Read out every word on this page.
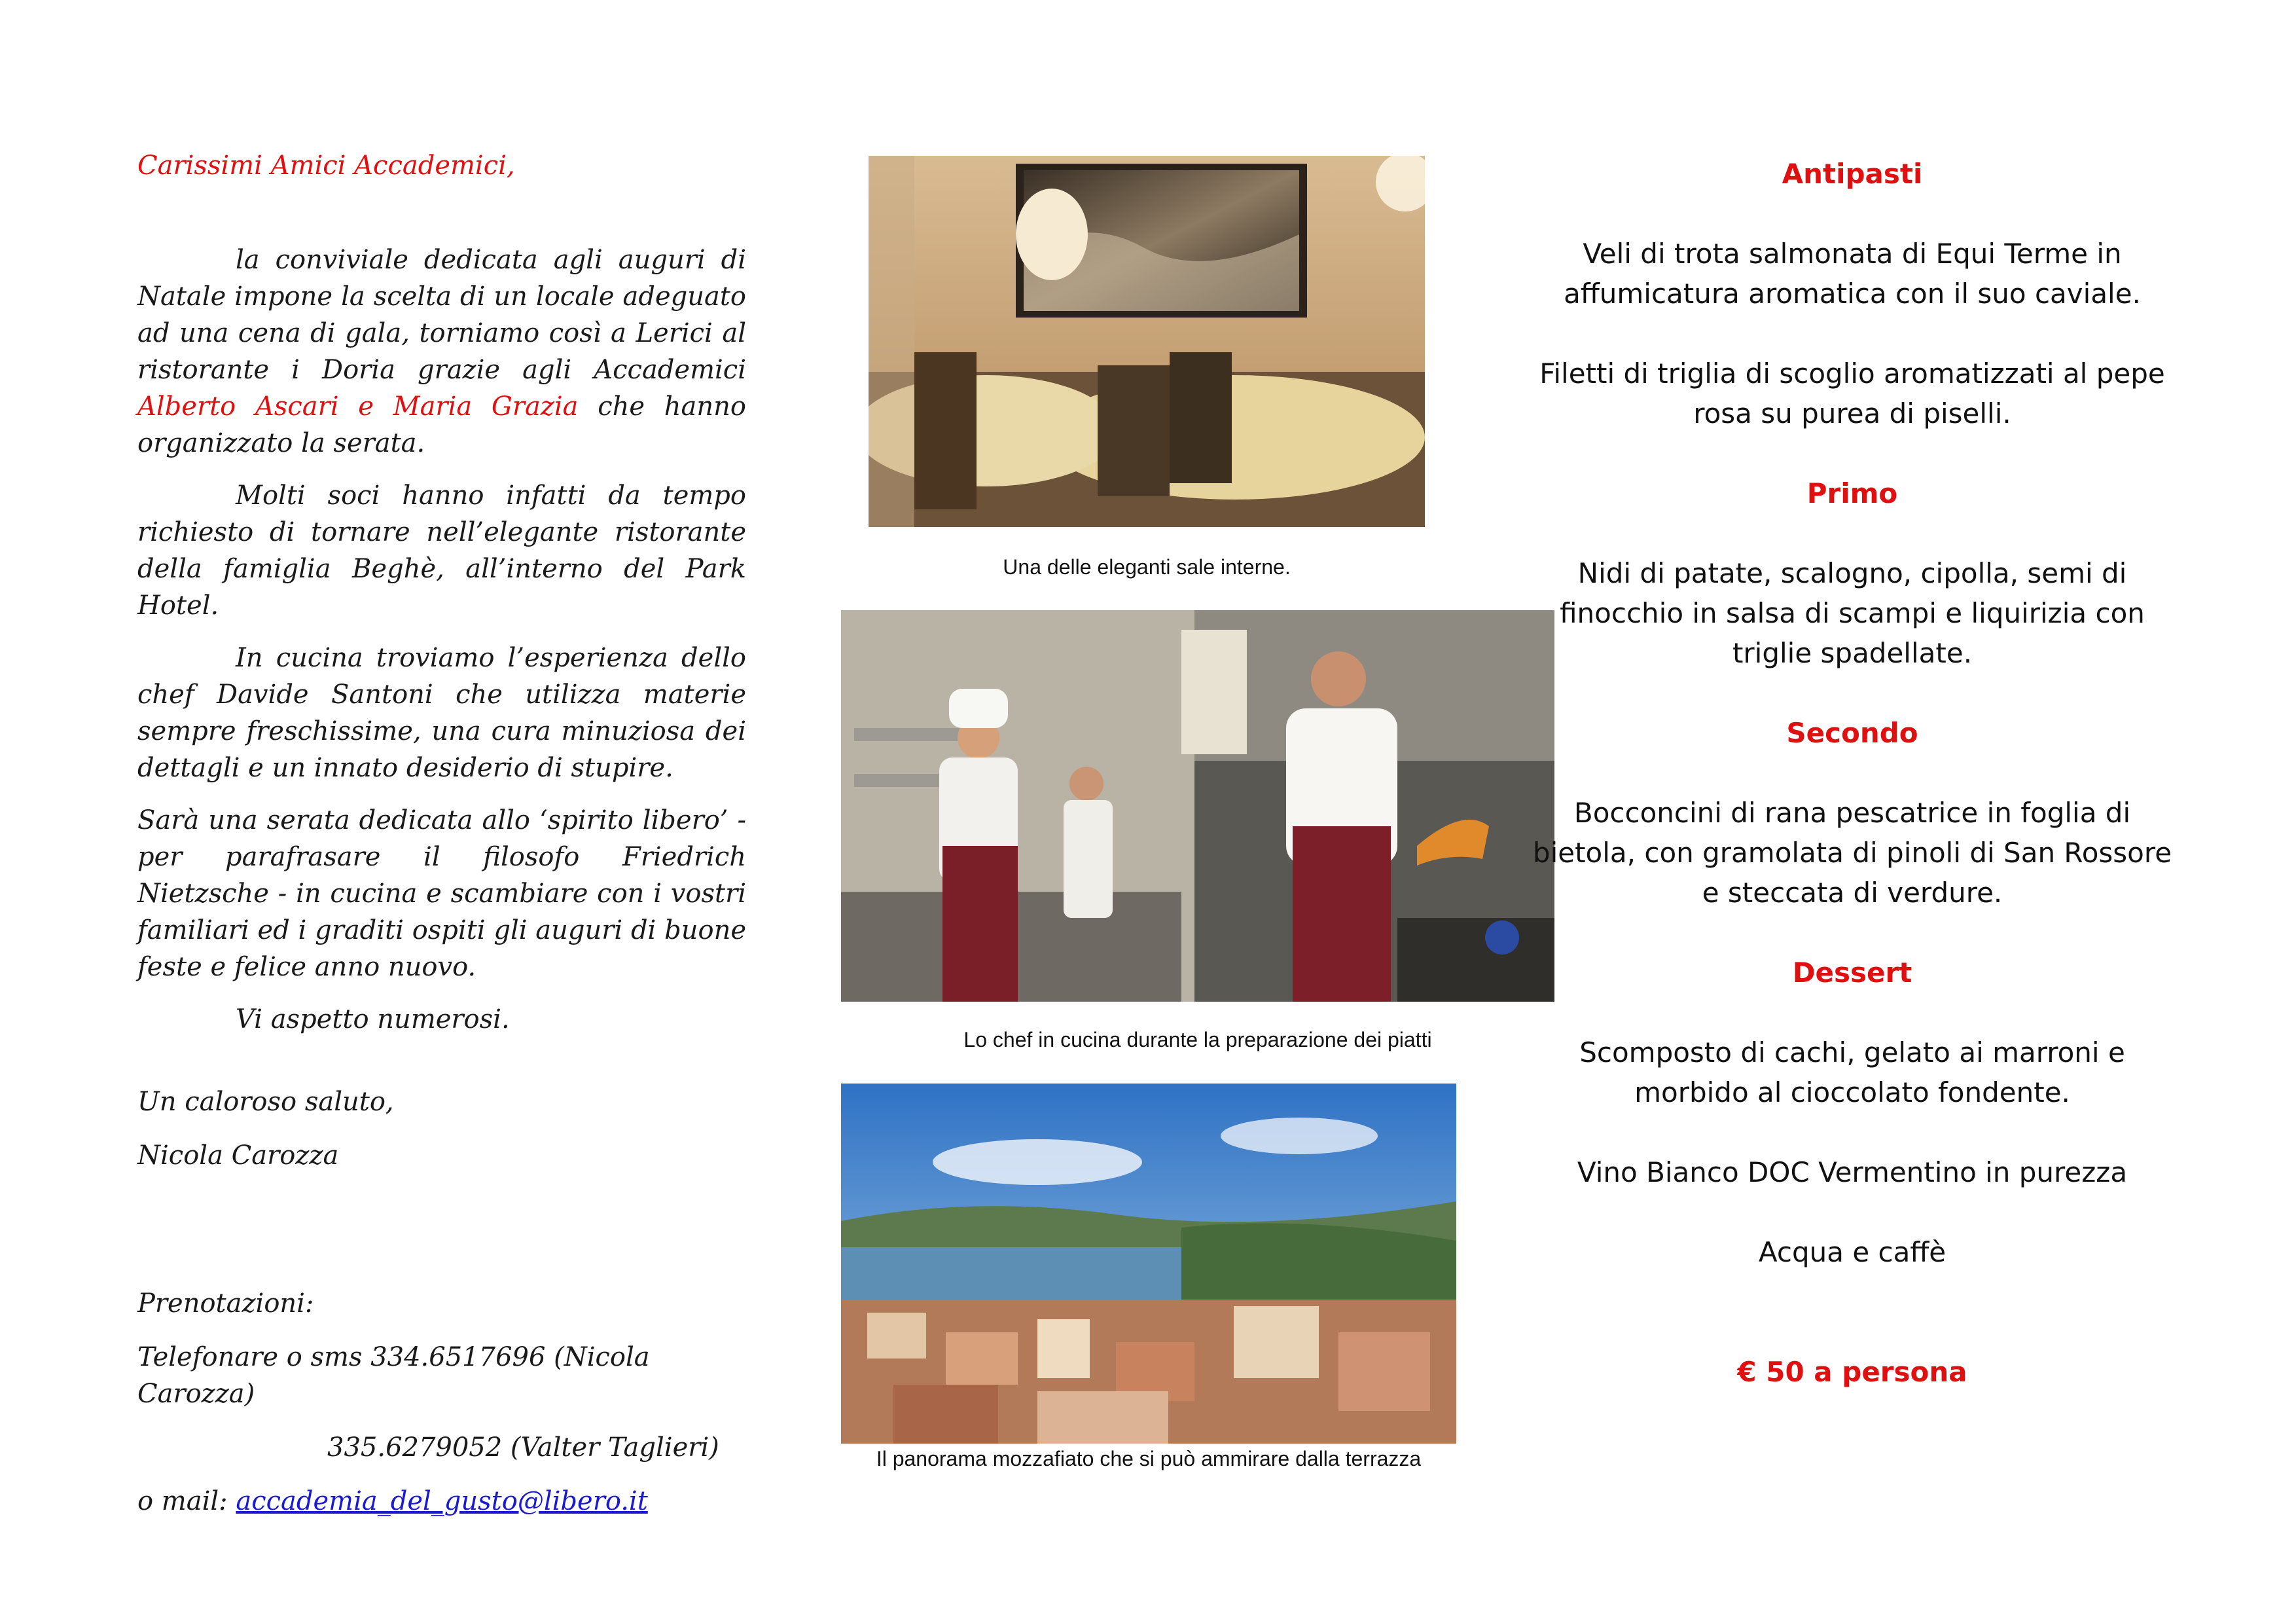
Carissimi Amici Accademici,

la conviviale dedicata agli auguri di Natale impone la scelta di un locale adeguato ad una cena di gala, torniamo così a Lerici al ristorante i Doria grazie agli Accademici Alberto Ascari e Maria Grazia che hanno organizzato la serata.

Molti soci hanno infatti da tempo richiesto di tornare nell’elegante ristorante della famiglia Beghè, all’interno del Park Hotel.

In cucina troviamo l’esperienza dello chef Davide Santoni che utilizza materie sempre freschissime, una cura minuziosa dei dettagli e un innato desiderio di stupire.

Sarà una serata dedicata allo ‘spirito libero’ - per parafrasare il filosofo Friedrich Nietzsche - in cucina e scambiare con i vostri familiari ed i graditi ospiti gli auguri di buone feste e felice anno nuovo.

Vi aspetto numerosi.

Un caloroso saluto,
Nicola Carozza
Prenotazioni:
Telefonare o sms 334.6517696 (Nicola Carozza)
335.6279052 (Valter Taglieri)
o mail: accademia_del_gusto@libero.it
Una delle eleganti sale interne.
Lo chef in cucina durante la preparazione dei piatti
Il panorama mozzafiato che si può ammirare dalla terrazza
Antipasti
Veli di trota salmonata di Equi Terme in affumicatura aromatica con il suo caviale.
Filetti di triglia di scoglio aromatizzati al pepe rosa su purea di piselli.
Primo
Nidi di patate, scalogno, cipolla, semi di finocchio in salsa di scampi e liquirizia con triglie spadellate.
Secondo
Bocconcini di rana pescatrice in foglia di bietola, con gramolata di pinoli di San Rossore e steccata di verdure.
Dessert
Scomposto di cachi, gelato ai marroni e morbido al cioccolato fondente.
Vino Bianco DOC Vermentino in purezza
Acqua e caffè
€ 50 a persona
